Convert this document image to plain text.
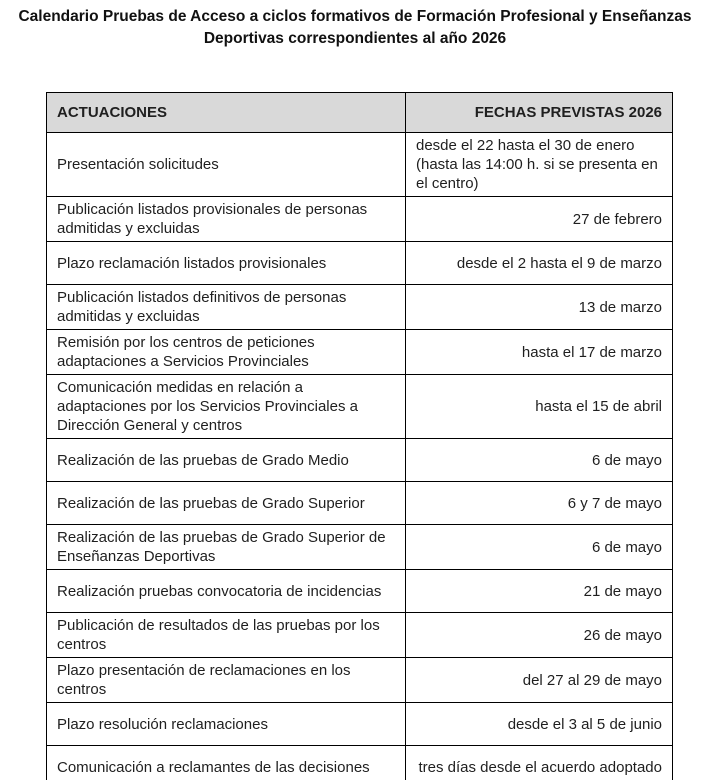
Calendario Pruebas de Acceso a ciclos formativos de Formación Profesional y Enseñanzas
Deportivas correspondientes al año 2026
ACTUACIONES	FECHAS PREVISTAS 2026
Presentación solicitudes	desde el 22 hasta el 30 de enero (hasta las 14:00 h. si se presenta en el centro)
Publicación listados provisionales de personas admitidas y excluidas	27 de febrero
Plazo reclamación listados provisionales	desde el 2 hasta el 9 de marzo
Publicación listados definitivos de personas admitidas y excluidas	13 de marzo
Remisión por los centros de peticiones adaptaciones a Servicios Provinciales	hasta el 17 de marzo
Comunicación medidas en relación a adaptaciones por los Servicios Provinciales a Dirección General y centros	hasta el 15 de abril
Realización de las pruebas de Grado Medio	6 de mayo
Realización de las pruebas de Grado Superior	6 y 7 de mayo
Realización de las pruebas de Grado Superior de Enseñanzas Deportivas	6 de mayo
Realización pruebas convocatoria de incidencias	21 de mayo
Publicación de resultados de las pruebas por los centros	26 de mayo
Plazo presentación de reclamaciones en los centros	del 27 al 29 de mayo
Plazo resolución reclamaciones	desde el 3 al 5 de junio
Comunicación a reclamantes de las decisiones	tres días desde el acuerdo adoptado
